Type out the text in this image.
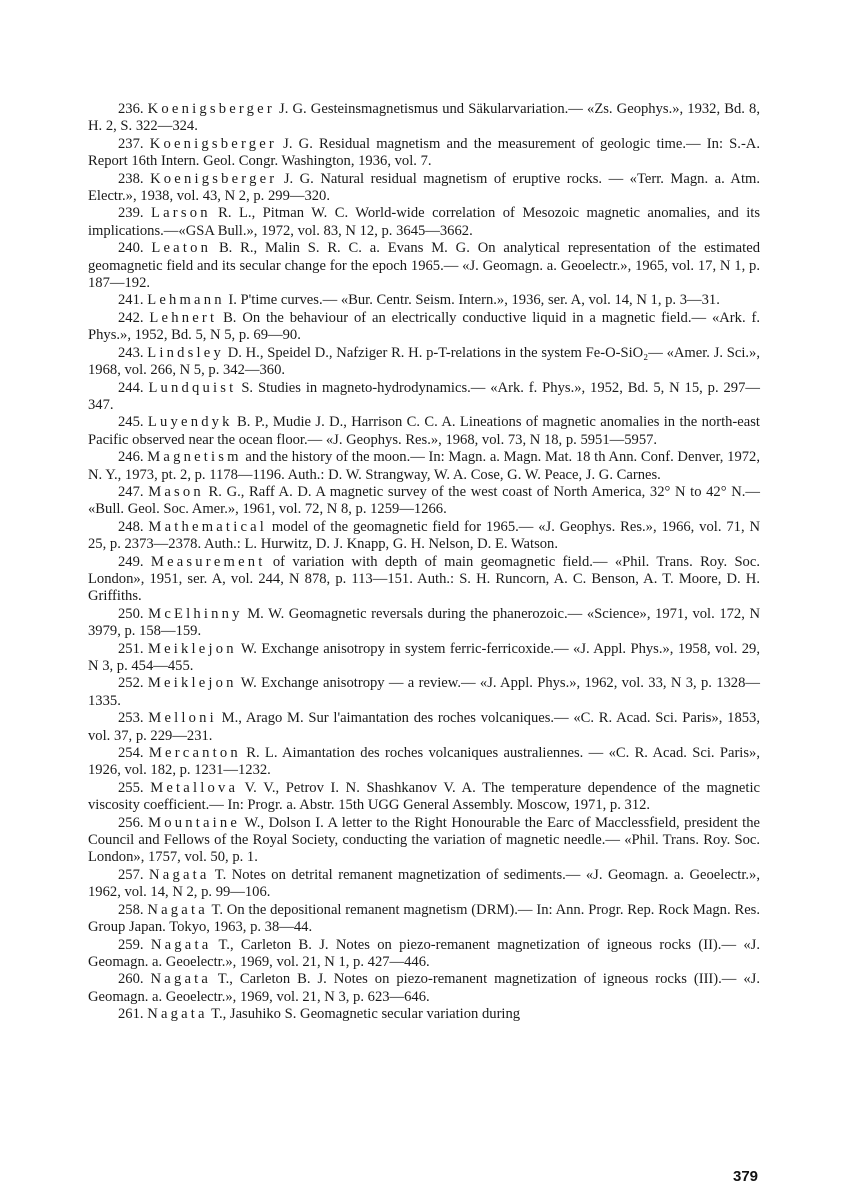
236. Koenigsberger J. G. Gesteinsmagnetismus und Säkularvariation.— «Zs. Geophys.», 1932, Bd. 8, H. 2, S. 322—324.

237. Koenigsberger J. G. Residual magnetism and the measurement of geologic time.— In: S.-A. Report 16th Intern. Geol. Congr. Washington, 1936, vol. 7.

238. Koenigsberger J. G. Natural residual magnetism of eruptive rocks. — «Terr. Magn. a. Atm. Electr.», 1938, vol. 43, N 2, p. 299—320.

239. Larson R. L., Pitman W. C. World-wide correlation of Mesozoic magnetic anomalies, and its implications.—«GSA Bull.», 1972, vol. 83, N 12, p. 3645—3662.

240. Leaton B. R., Malin S. R. C. a. Evans M. G. On analytical representation of the estimated geomagnetic field and its secular change for the epoch 1965.— «J. Geomagn. a. Geoelectr.», 1965, vol. 17, N 1, p. 187—192.

241. Lehmann I. P'time curves.— «Bur. Centr. Seism. Intern.», 1936, ser. A, vol. 14, N 1, p. 3—31.

242. Lehnert B. On the behaviour of an electrically conductive liquid in a magnetic field.— «Ark. f. Phys.», 1952, Bd. 5, N 5, p. 69—90.

243. Lindsley D. H., Speidel D., Nafziger R. H. p-T-relations in the system Fe-O-SiO₂— «Amer. J. Sci.», 1968, vol. 266, N 5, p. 342—360.

244. Lundquist S. Studies in magneto-hydrodynamics.— «Ark. f. Phys.», 1952, Bd. 5, N 15, p. 297—347.

245. Luyendyk B. P., Mudie J. D., Harrison C. C. A. Lineations of magnetic anomalies in the north-east Pacific observed near the ocean floor.— «J. Geophys. Res.», 1968, vol. 73, N 18, p. 5951—5957.

246. Magnetism and the history of the moon.— In: Magn. a. Magn. Mat. 18 th Ann. Conf. Denver, 1972, N. Y., 1973, pt. 2, p. 1178—1196. Auth.: D. W. Strangway, W. A. Cose, G. W. Peace, J. G. Carnes.

247. Mason R. G., Raff A. D. A magnetic survey of the west coast of North America, 32° N to 42° N.— «Bull. Geol. Soc. Amer.», 1961, vol. 72, N 8, p. 1259—1266.

248. Mathematical model of the geomagnetic field for 1965.— «J. Geophys. Res.», 1966, vol. 71, N 25, p. 2373—2378. Auth.: L. Hurwitz, D. J. Knapp, G. H. Nelson, D. E. Watson.

249. Measurement of variation with depth of main geomagnetic field.— «Phil. Trans. Roy. Soc. London», 1951, ser. A, vol. 244, N 878, p. 113—151. Auth.: S. H. Runcorn, A. C. Benson, A. T. Moore, D. H. Griffiths.

250. McElhinny M. W. Geomagnetic reversals during the phanerozoic.— «Science», 1971, vol. 172, N 3979, p. 158—159.

251. Meiklejon W. Exchange anisotropy in system ferric-ferricoxide.— «J. Appl. Phys.», 1958, vol. 29, N 3, p. 454—455.

252. Meiklejon W. Exchange anisotropy — a review.— «J. Appl. Phys.», 1962, vol. 33, N 3, p. 1328—1335.

253. Melloni M., Arago M. Sur l'aimantation des roches volcaniques.— «C. R. Acad. Sci. Paris», 1853, vol. 37, p. 229—231.

254. Mercanton R. L. Aimantation des roches volcaniques australiennes. — «C. R. Acad. Sci. Paris», 1926, vol. 182, p. 1231—1232.

255. Metallova V. V., Petrov I. N. Shashkanov V. A. The temperature dependence of the magnetic viscosity coefficient.— In: Progr. a. Abstr. 15th UGG General Assembly. Moscow, 1971, p. 312.

256. Mountaine W., Dolson I. A letter to the Right Honourable the Earc of Macclessfield, president the Council and Fellows of the Royal Society, conducting the variation of magnetic needle.— «Phil. Trans. Roy. Soc. London», 1757, vol. 50, p. 1.

257. Nagata T. Notes on detrital remanent magnetization of sediments.— «J. Geomagn. a. Geoelectr.», 1962, vol. 14, N 2, p. 99—106.

258. Nagata T. On the depositional remanent magnetism (DRM).— In: Ann. Progr. Rep. Rock Magn. Res. Group Japan. Tokyo, 1963, p. 38—44.

259. Nagata T., Carleton B. J. Notes on piezo-remanent magnetization of igneous rocks (II).— «J. Geomagn. a. Geoelectr.», 1969, vol. 21, N 1, p. 427—446.

260. Nagata T., Carleton B. J. Notes on piezo-remanent magnetization of igneous rocks (III).— «J. Geomagn. a. Geoelectr.», 1969, vol. 21, N 3, p. 623—646.

261. Nagata T., Jasuhiko S. Geomagnetic secular variation during

379
